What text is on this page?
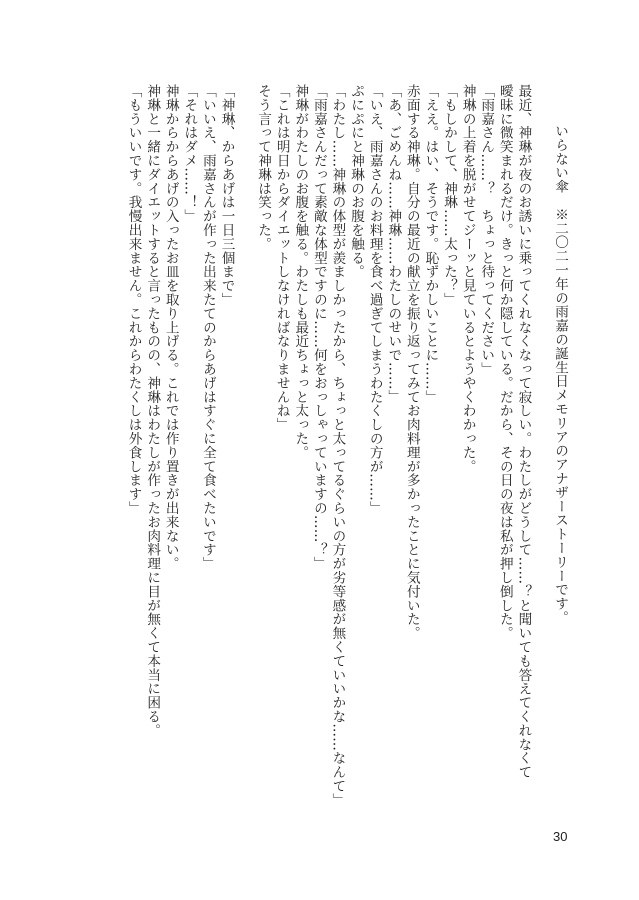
いらない傘　※二〇二一年の雨嘉の誕生日メモリアのアナザーストーリーです。
最近、神琳が夜のお誘いに乗ってくれなくなって寂しい。わたしがどうして……？と聞いても答えてくれなくて
曖昧に微笑まれるだけ。きっと何か隠している。だから、その日の夜は私が押し倒した。
「雨嘉さん……？　ちょっと待ってください」
神琳の上着を脱がせてジーッと見ているとようやくわかった。
「もしかして、神琳……太った？」
「ええ。はい、そうです。恥ずかしいことに……」
赤面する神琳。自分の最近の献立を振り返ってみてお肉料理が多かったことに気付いた。
「あ、ごめんね……神琳……わたしのせいで……」
「いえ、雨嘉さんのお料理を食べ過ぎてしまうわたくしの方が……」
ぷにぷにと神琳のお腹を触る。
「わたし……神琳の体型が羨ましかったから、ちょっと太ってるぐらいの方が劣等感が無くていいかな……なんて」
「雨嘉さんだって素敵な体型ですのに……何をおっしゃっていますの……？」
神琳がわたしのお腹を触る。わたしも最近ちょっと太った。
「これは明日からダイエットしなければなりませんね」
そう言って神琳は笑った。
「神琳、からあげは一日三個まで」
「いいえ、雨嘉さんが作った出来たてのからあげはすぐに全て食べたいです」
「それはダメ……！」
神琳からからあげの入ったお皿を取り上げる。これでは作り置きが出来ない。
神琳と一緒にダイエットすると言ったものの、神琳はわたしが作ったお肉料理に目が無くて本当に困る。
「もういいです。我慢出来ません。これからわたくしは外食します」
30
